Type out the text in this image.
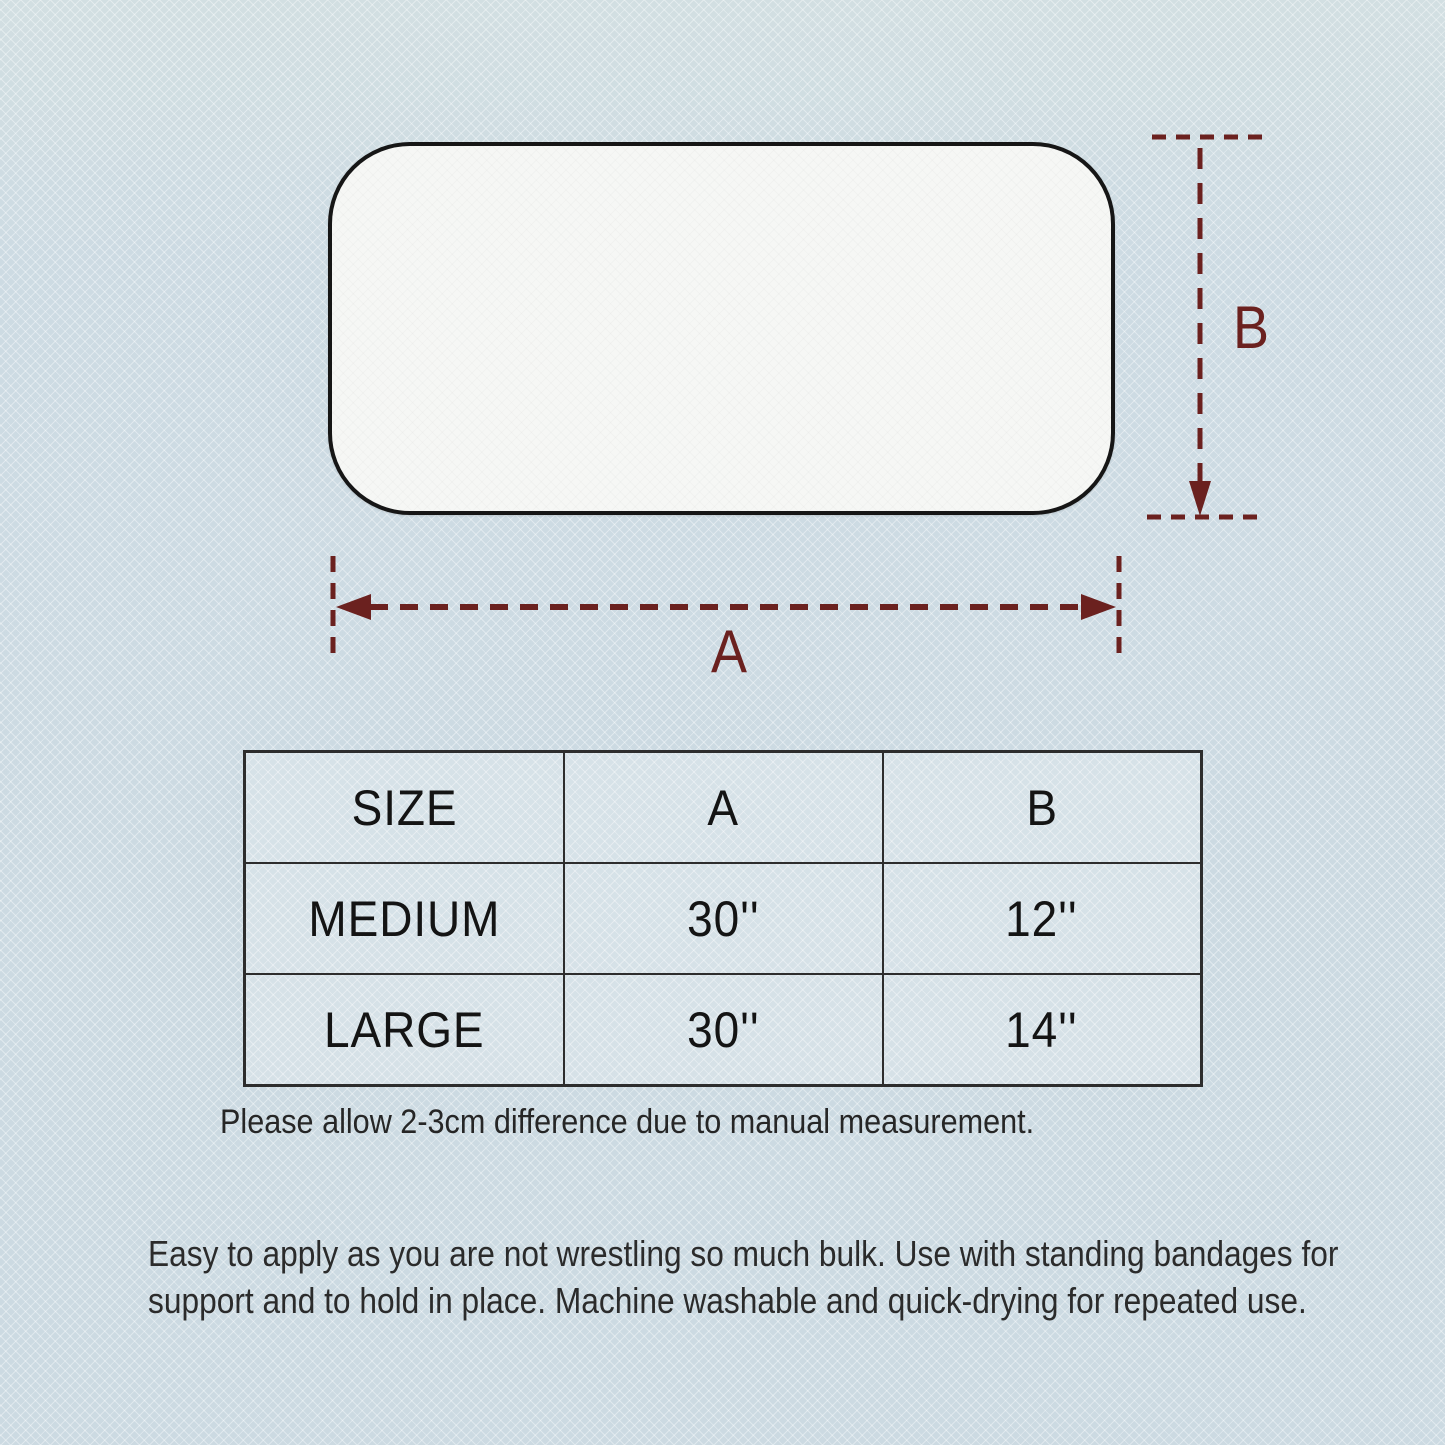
A
B
SIZE	A	B
MEDIUM	30''	12''
LARGE	30''	14''
Please allow 2-3cm difference due to manual measurement.
Easy to apply as you are not wrestling so much bulk. Use with standing bandages for support and to hold in place. Machine washable and quick-drying for repeated use.
